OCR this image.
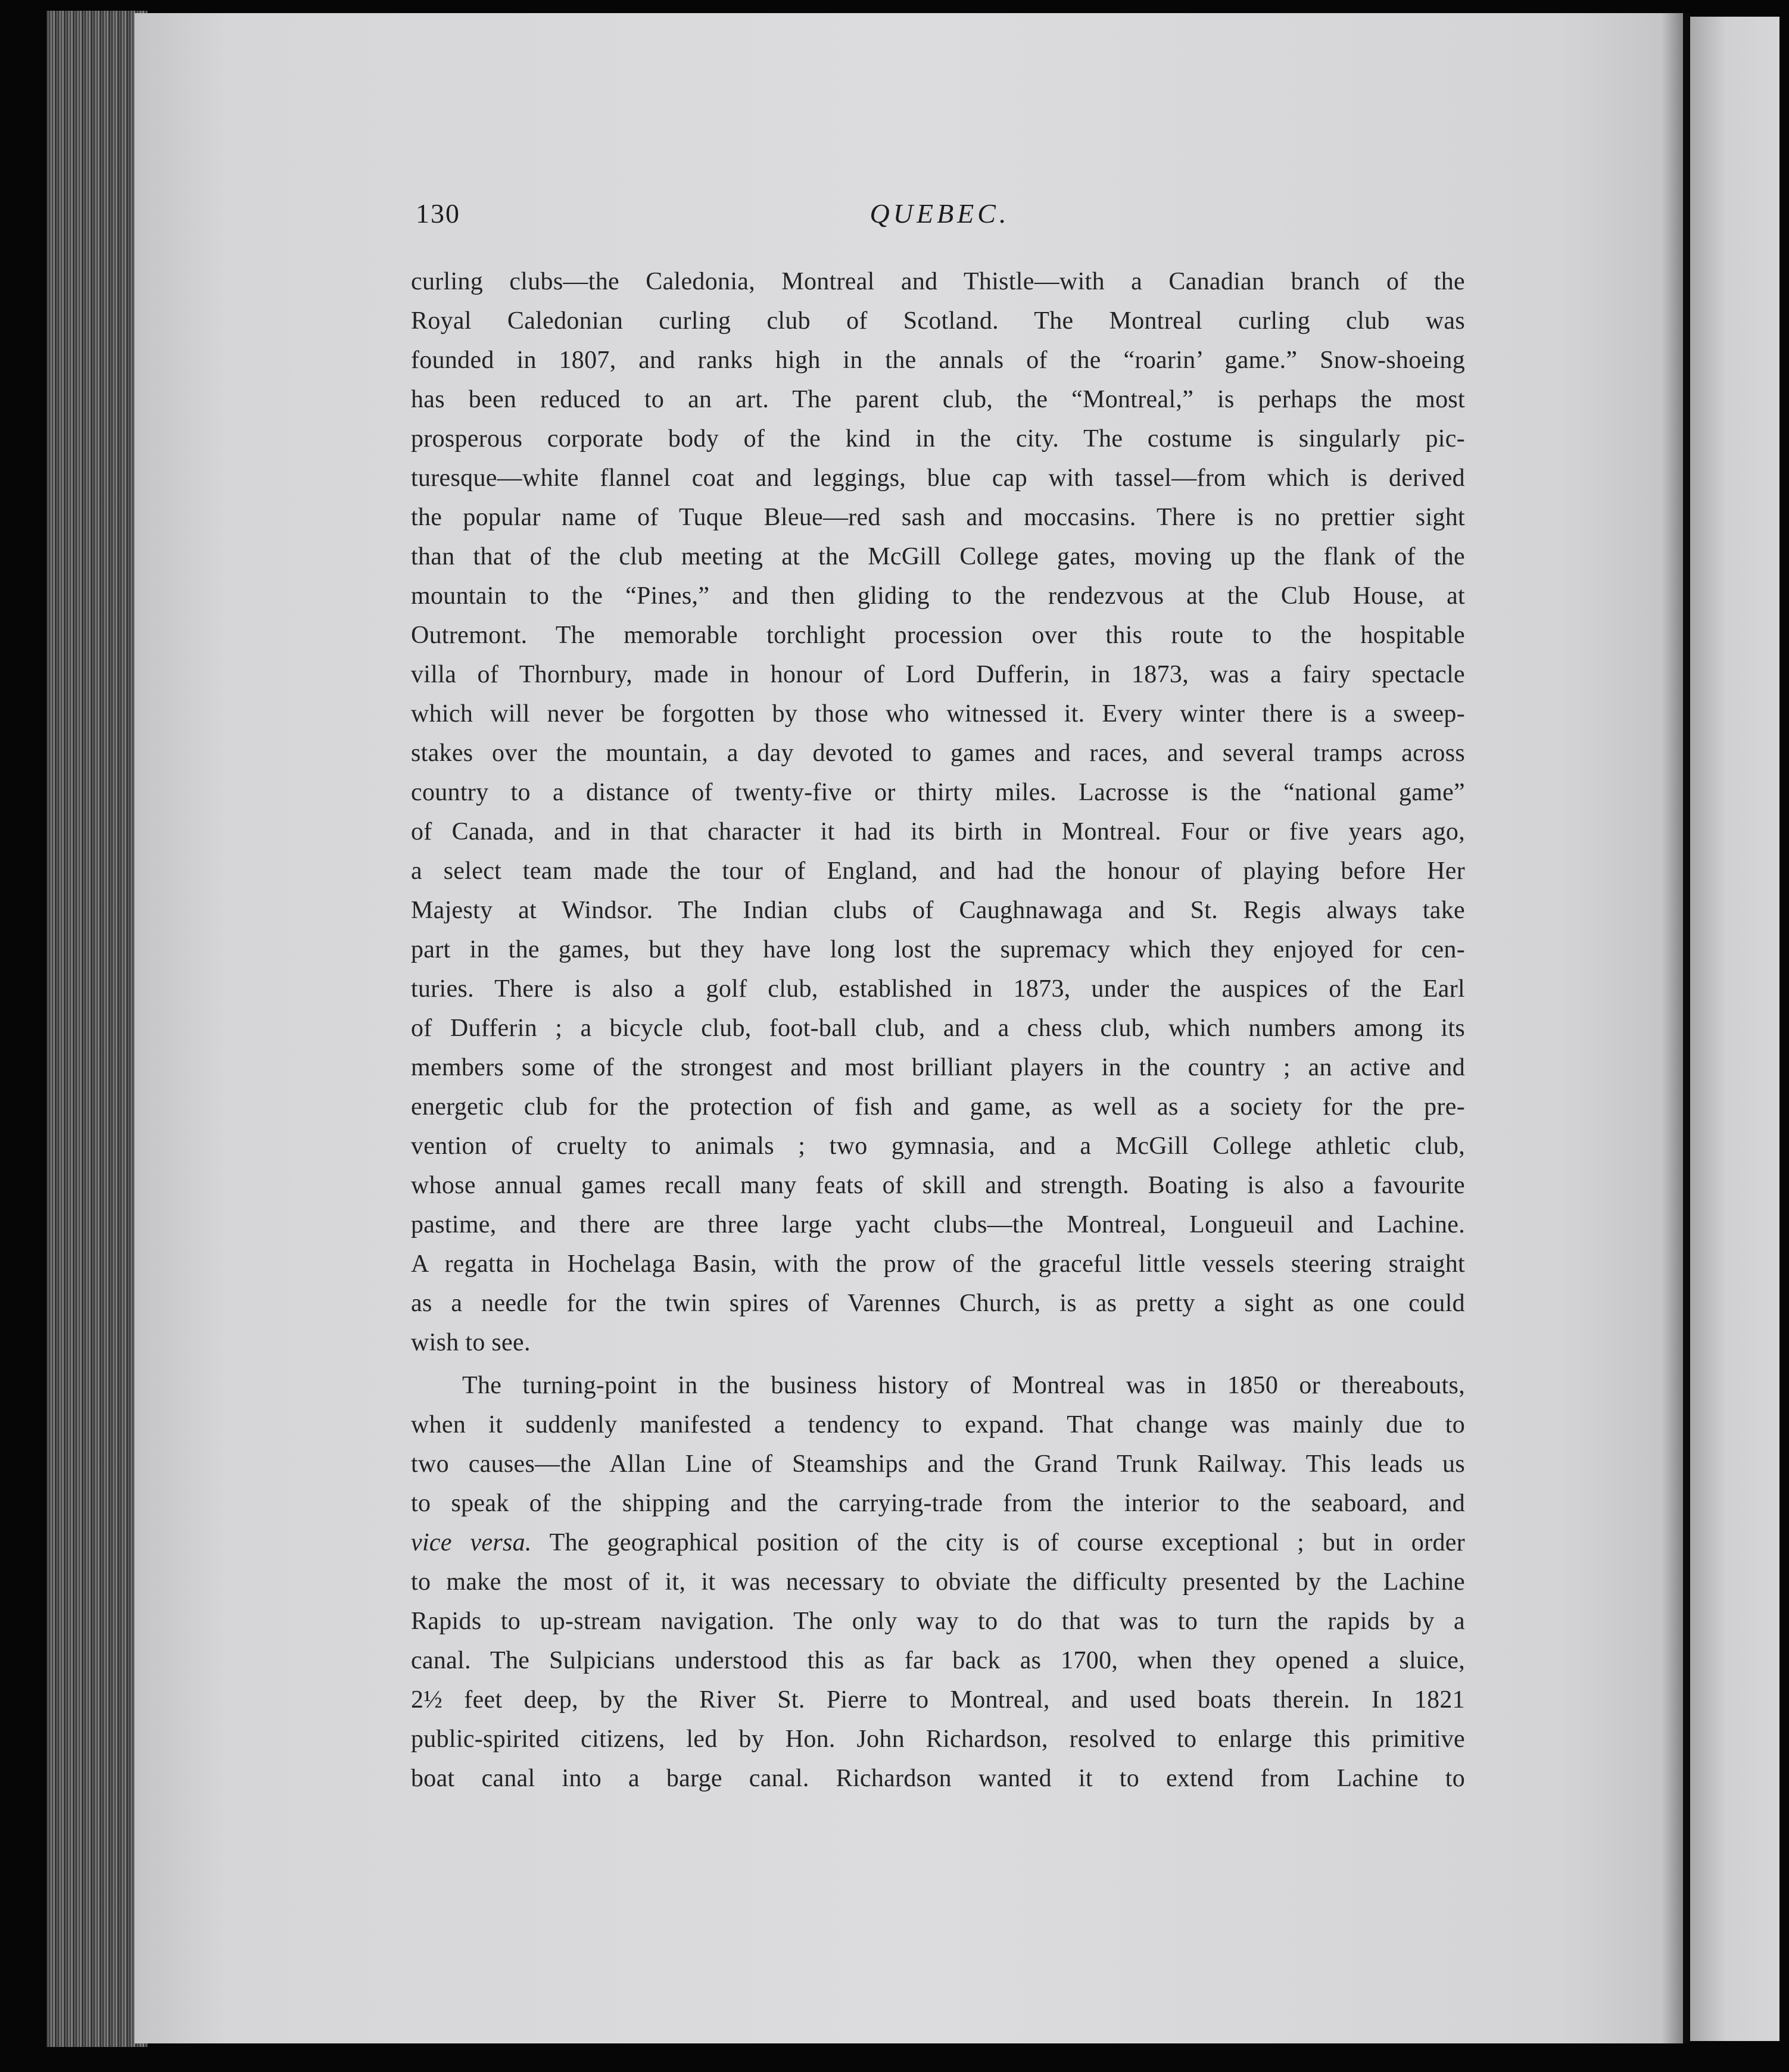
130	QUEBEC.
curling clubs—the Caledonia, Montreal and Thistle—with a Canadian branch of the
Royal Caledonian curling club of Scotland. The Montreal curling club was
founded in 1807, and ranks high in the annals of the “roarin’ game.” Snow-shoeing
has been reduced to an art. The parent club, the “Montreal,” is perhaps the most
prosperous corporate body of the kind in the city. The costume is singularly pic-
turesque—white flannel coat and leggings, blue cap with tassel—from which is derived
the popular name of Tuque Bleue—red sash and moccasins. There is no prettier sight
than that of the club meeting at the McGill College gates, moving up the flank of the
mountain to the “Pines,” and then gliding to the rendezvous at the Club House, at
Outremont. The memorable torchlight procession over this route to the hospitable
villa of Thornbury, made in honour of Lord Dufferin, in 1873, was a fairy spectacle
which will never be forgotten by those who witnessed it. Every winter there is a sweep-
stakes over the mountain, a day devoted to games and races, and several tramps across
country to a distance of twenty-five or thirty miles. Lacrosse is the “national game”
of Canada, and in that character it had its birth in Montreal. Four or five years ago,
a select team made the tour of England, and had the honour of playing before Her
Majesty at Windsor. The Indian clubs of Caughnawaga and St. Regis always take
part in the games, but they have long lost the supremacy which they enjoyed for cen-
turies. There is also a golf club, established in 1873, under the auspices of the Earl
of Dufferin ; a bicycle club, foot-ball club, and a chess club, which numbers among its
members some of the strongest and most brilliant players in the country ; an active and
energetic club for the protection of fish and game, as well as a society for the pre-
vention of cruelty to animals ; two gymnasia, and a McGill College athletic club,
whose annual games recall many feats of skill and strength. Boating is also a favourite
pastime, and there are three large yacht clubs—the Montreal, Longueuil and Lachine.
A regatta in Hochelaga Basin, with the prow of the graceful little vessels steering straight
as a needle for the twin spires of Varennes Church, is as pretty a sight as one could
wish to see.
The turning-point in the business history of Montreal was in 1850 or thereabouts,
when it suddenly manifested a tendency to expand. That change was mainly due to
two causes—the Allan Line of Steamships and the Grand Trunk Railway. This leads us
to speak of the shipping and the carrying-trade from the interior to the seaboard, and
vice versa. The geographical position of the city is of course exceptional ; but in order
to make the most of it, it was necessary to obviate the difficulty presented by the Lachine
Rapids to up-stream navigation. The only way to do that was to turn the rapids by a
canal. The Sulpicians understood this as far back as 1700, when they opened a sluice,
2½ feet deep, by the River St. Pierre to Montreal, and used boats therein. In 1821
public-spirited citizens, led by Hon. John Richardson, resolved to enlarge this primitive
boat canal into a barge canal. Richardson wanted it to extend from Lachine to
